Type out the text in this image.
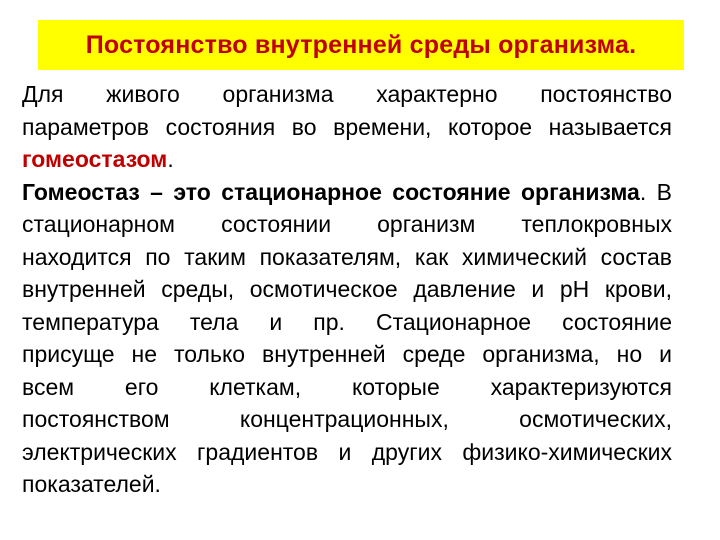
Постоянство внутренней среды организма.
Для живого организма характерно постоянство
параметров состояния во времени, которое называется
гомеостазом.
Гомеостаз – это стационарное состояние организма. В
стационарном состоянии организм теплокровных
находится по таким показателям, как химический состав
внутренней среды, осмотическое давление и рН крови,
температура тела и пр. Стационарное состояние
присуще не только внутренней среде организма, но и
всем его клеткам, которые характеризуются
постоянством концентрационных, осмотических,
электрических градиентов и других физико-химических
показателей.
